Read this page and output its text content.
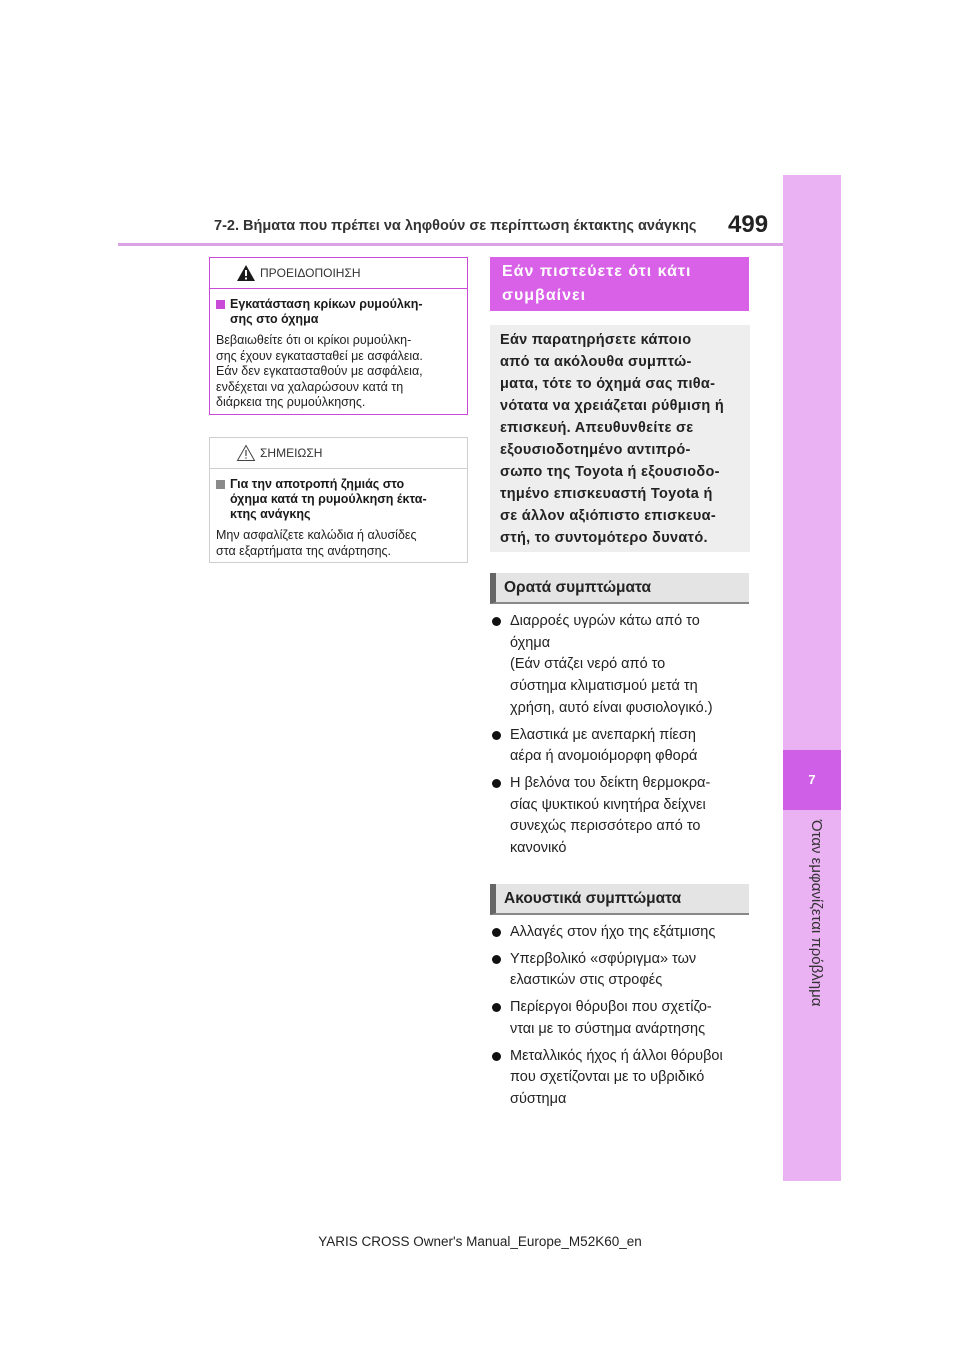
7-2. Βήματα που πρέπει να ληφθούν σε περίπτωση έκτακτης ανάγκης	499
7
Όταν εμφανίζεται πρόβλημα
ΠΡΟΕΙΔΟΠΟΙΗΣΗ
Εγκατάσταση κρίκων ρυμούλκη-
σης στο όχημα
Βεβαιωθείτε ότι οι κρίκοι ρυμούλκη-
σης έχουν εγκατασταθεί με ασφάλεια.
Εάν δεν εγκατασταθούν με ασφάλεια,
ενδέχεται να χαλαρώσουν κατά τη
διάρκεια της ρυμούλκησης.
ΣΗΜΕΙΩΣΗ
Για την αποτροπή ζημιάς στο
όχημα κατά τη ρυμούλκηση έκτα-
κτης ανάγκης
Μην ασφαλίζετε καλώδια ή αλυσίδες
στα εξαρτήματα της ανάρτησης.
Εάν πιστεύετε ότι κάτι
συμβαίνει
Εάν παρατηρήσετε κάποιο
από τα ακόλουθα συμπτώ-
ματα, τότε το όχημά σας πιθα-
νότατα να χρειάζεται ρύθμιση ή
επισκευή. Απευθυνθείτε σε
εξουσιοδοτημένο αντιπρό-
σωπο της Toyota ή εξουσιοδο-
τημένο επισκευαστή Toyota ή
σε άλλον αξιόπιστο επισκευα-
στή, το συντομότερο δυνατό.
Ορατά συμπτώματα
Διαρροές υγρών κάτω από το
όχημα
(Εάν στάζει νερό από το
σύστημα κλιματισμού μετά τη
χρήση, αυτό είναι φυσιολογικό.)
Ελαστικά με ανεπαρκή πίεση
αέρα ή ανομοιόμορφη φθορά
Η βελόνα του δείκτη θερμοκρα-
σίας ψυκτικού κινητήρα δείχνει
συνεχώς περισσότερο από το
κανονικό
Ακουστικά συμπτώματα
Αλλαγές στον ήχο της εξάτμισης
Υπερβολικό «σφύριγμα» των
ελαστικών στις στροφές
Περίεργοι θόρυβοι που σχετίζο-
νται με το σύστημα ανάρτησης
Μεταλλικός ήχος ή άλλοι θόρυβοι
που σχετίζονται με το υβριδικό
σύστημα
YARIS CROSS Owner's Manual_Europe_M52K60_en
